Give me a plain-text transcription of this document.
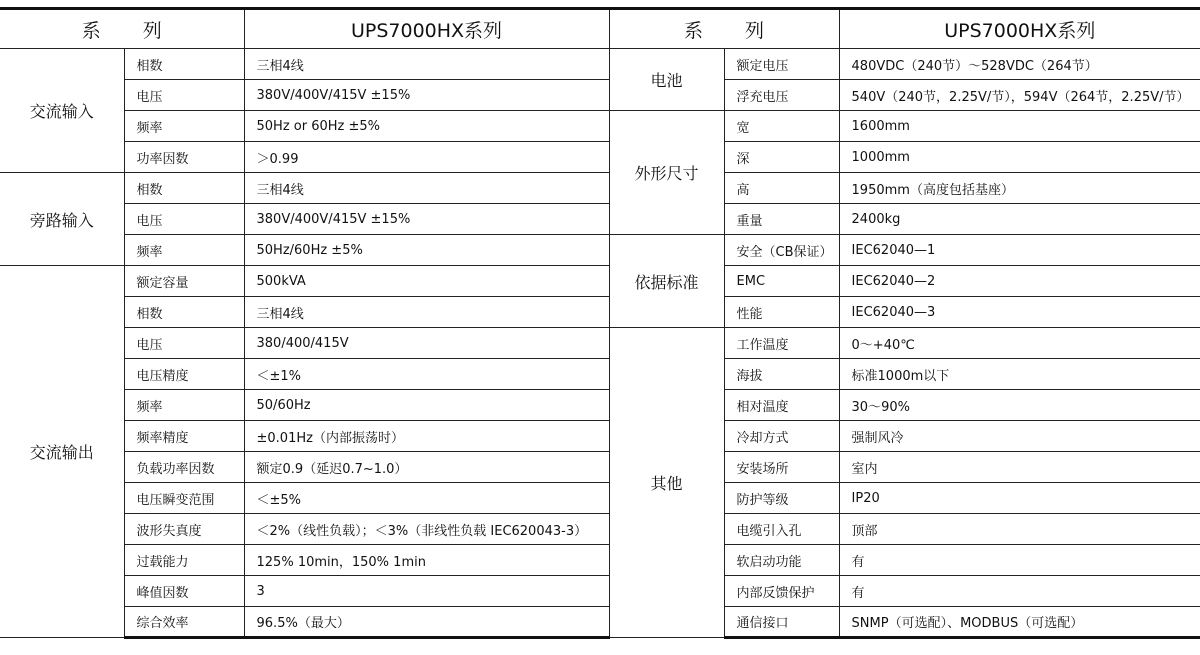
系 列		UPS7000HX系列	系 列		UPS7000HX系列
交流输入	相数	三相4线	电池	额定电压	480VDC（240节）～528VDC（264节）
	电压	380V/400V/415V ±15%		浮充电压	540V（240节，2.25V/节），594V（264节，2.25V/节）
	频率	50Hz or 60Hz ±5%	外形尺寸	宽	1600mm
	功率因数	＞0.99		深	1000mm
旁路输入	相数	三相4线		高	1950mm（高度包括基座）
	电压	380V/400V/415V ±15%		重量	2400kg
	频率	50Hz/60Hz ±5%	依据标准	安全（CB保证）	IEC62040—1
交流输出	额定容量	500kVA		EMC	IEC62040—2
	相数	三相4线		性能	IEC62040—3
	电压	380/400/415V	其他	工作温度	0～+40℃
	电压精度	＜±1%		海拔	标准1000m以下
	频率	50/60Hz		相对温度	30～90%
	频率精度	±0.01Hz（内部振荡时）		冷却方式	强制风冷
	负载功率因数	额定0.9（延迟0.7~1.0）		安装场所	室内
	电压瞬变范围	＜±5%		防护等级	IP20
	波形失真度	＜2%（线性负载）；＜3%（非线性负载 IEC620043-3）		电缆引入孔	顶部
	过载能力	125% 10min，150% 1min		软启动功能	有
	峰值因数	3		内部反馈保护	有
	综合效率	96.5%（最大）		通信接口	SNMP（可选配）、MODBUS（可选配）
